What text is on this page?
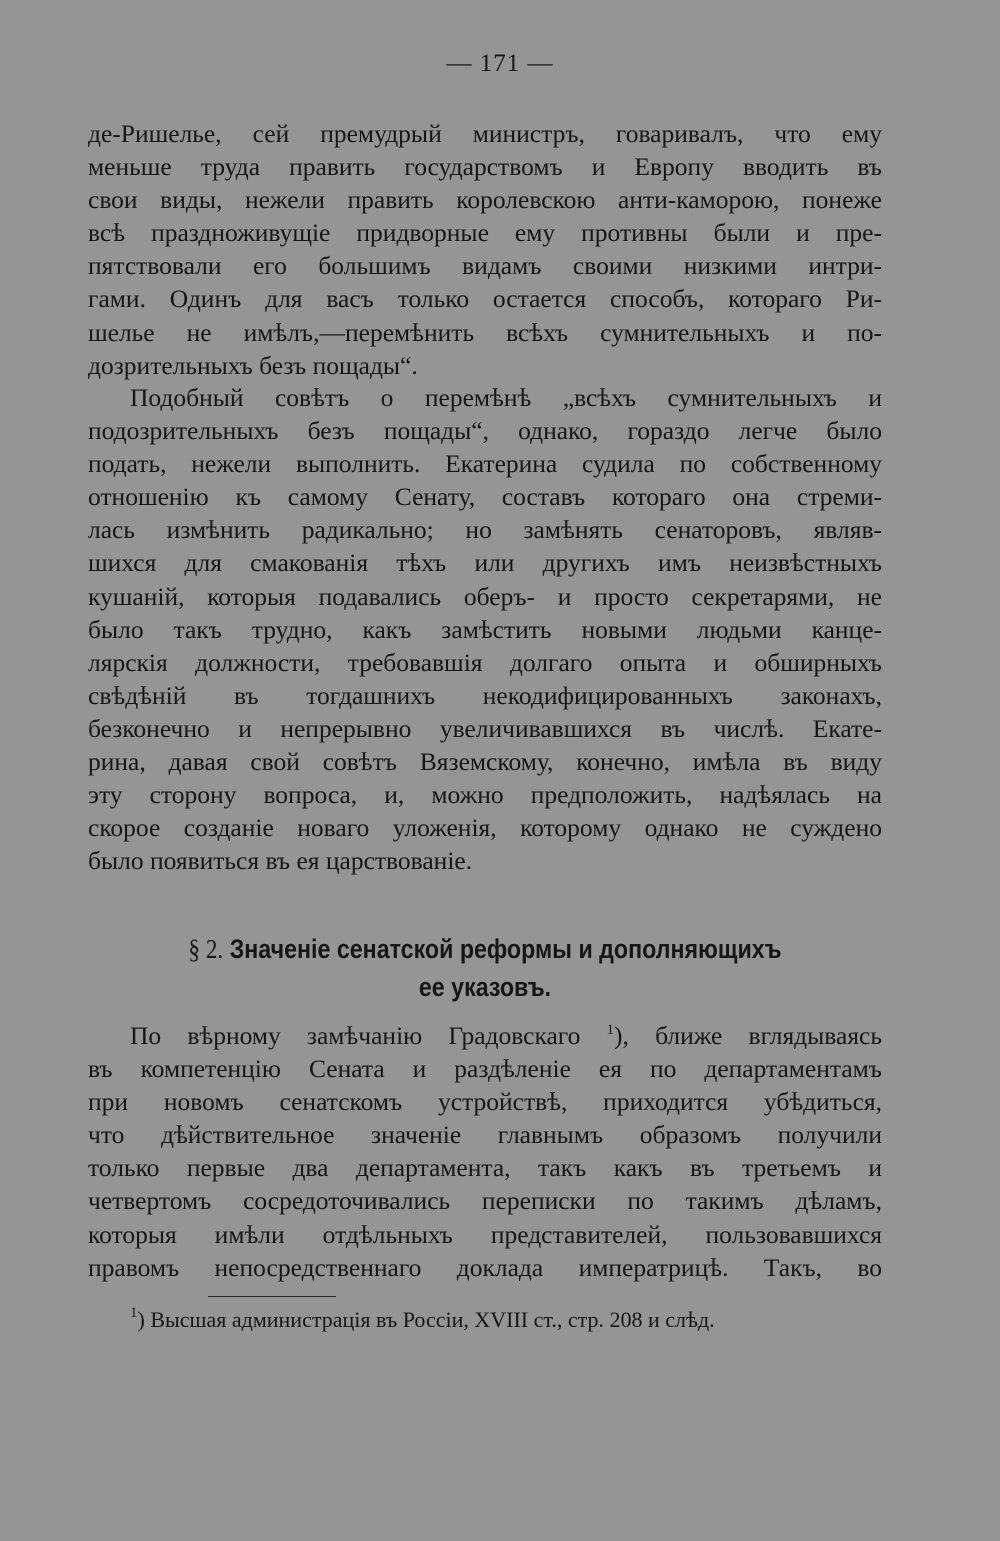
— 171 —
де-Ришелье, сей премудрый министръ, говаривалъ, что ему
меньше труда править государствомъ и Европу вводить въ
свои виды, нежели править королевскою анти-каморою, понеже
всѣ праздноживущіе придворные ему противны были и пре-
пятствовали его большимъ видамъ своими низкими интри-
гами. Одинъ для васъ только остается способъ, котораго Ри-
шелье не имѣлъ,—перемѣнить всѣхъ сумнительныхъ и по-
дозрительныхъ безъ пощады“.
Подобный совѣтъ о перемѣнѣ „всѣхъ сумнительныхъ и
подозрительныхъ безъ пощады“, однако, гораздо легче было
подать, нежели выполнить. Екатерина судила по собственному
отношенію къ самому Сенату, составъ котораго она стреми-
лась измѣнить радикально; но замѣнять сенаторовъ, являв-
шихся для смакованія тѣхъ или другихъ имъ неизвѣстныхъ
кушаній, которыя подавались оберъ- и просто секретарями, не
было такъ трудно, какъ замѣстить новыми людьми канце-
лярскія должности, требовавшія долгаго опыта и обширныхъ
свѣдѣній въ тогдашнихъ некодифицированныхъ законахъ,
безконечно и непрерывно увеличивавшихся въ числѣ. Екате-
рина, давая свой совѣтъ Вяземскому, конечно, имѣла въ виду
эту сторону вопроса, и, можно предположить, надѣялась на
скорое созданіе новаго уложенія, которому однако не суждено
было появиться въ ея царствованіе.
§ 2. Значеніе сенатской реформы и дополняющихъ
ее указовъ.
По вѣрному замѣчанію Градовскаго $^1$), ближе вглядываясь
въ компетенцію Сената и раздѣленіе ея по департаментамъ
при новомъ сенатскомъ устройствѣ, приходится убѣдиться,
что дѣйствительное значеніе главнымъ образомъ получили
только первые два департамента, такъ какъ въ третьемъ и
четвертомъ сосредоточивались переписки по такимъ дѣламъ,
которыя имѣли отдѣльныхъ представителей, пользовавшихся
правомъ непосредственнаго доклада императрицѣ. Такъ, во
$^1$) Высшая администрація въ Россіи, XVIII ст., стр. 208 и слѣд.
